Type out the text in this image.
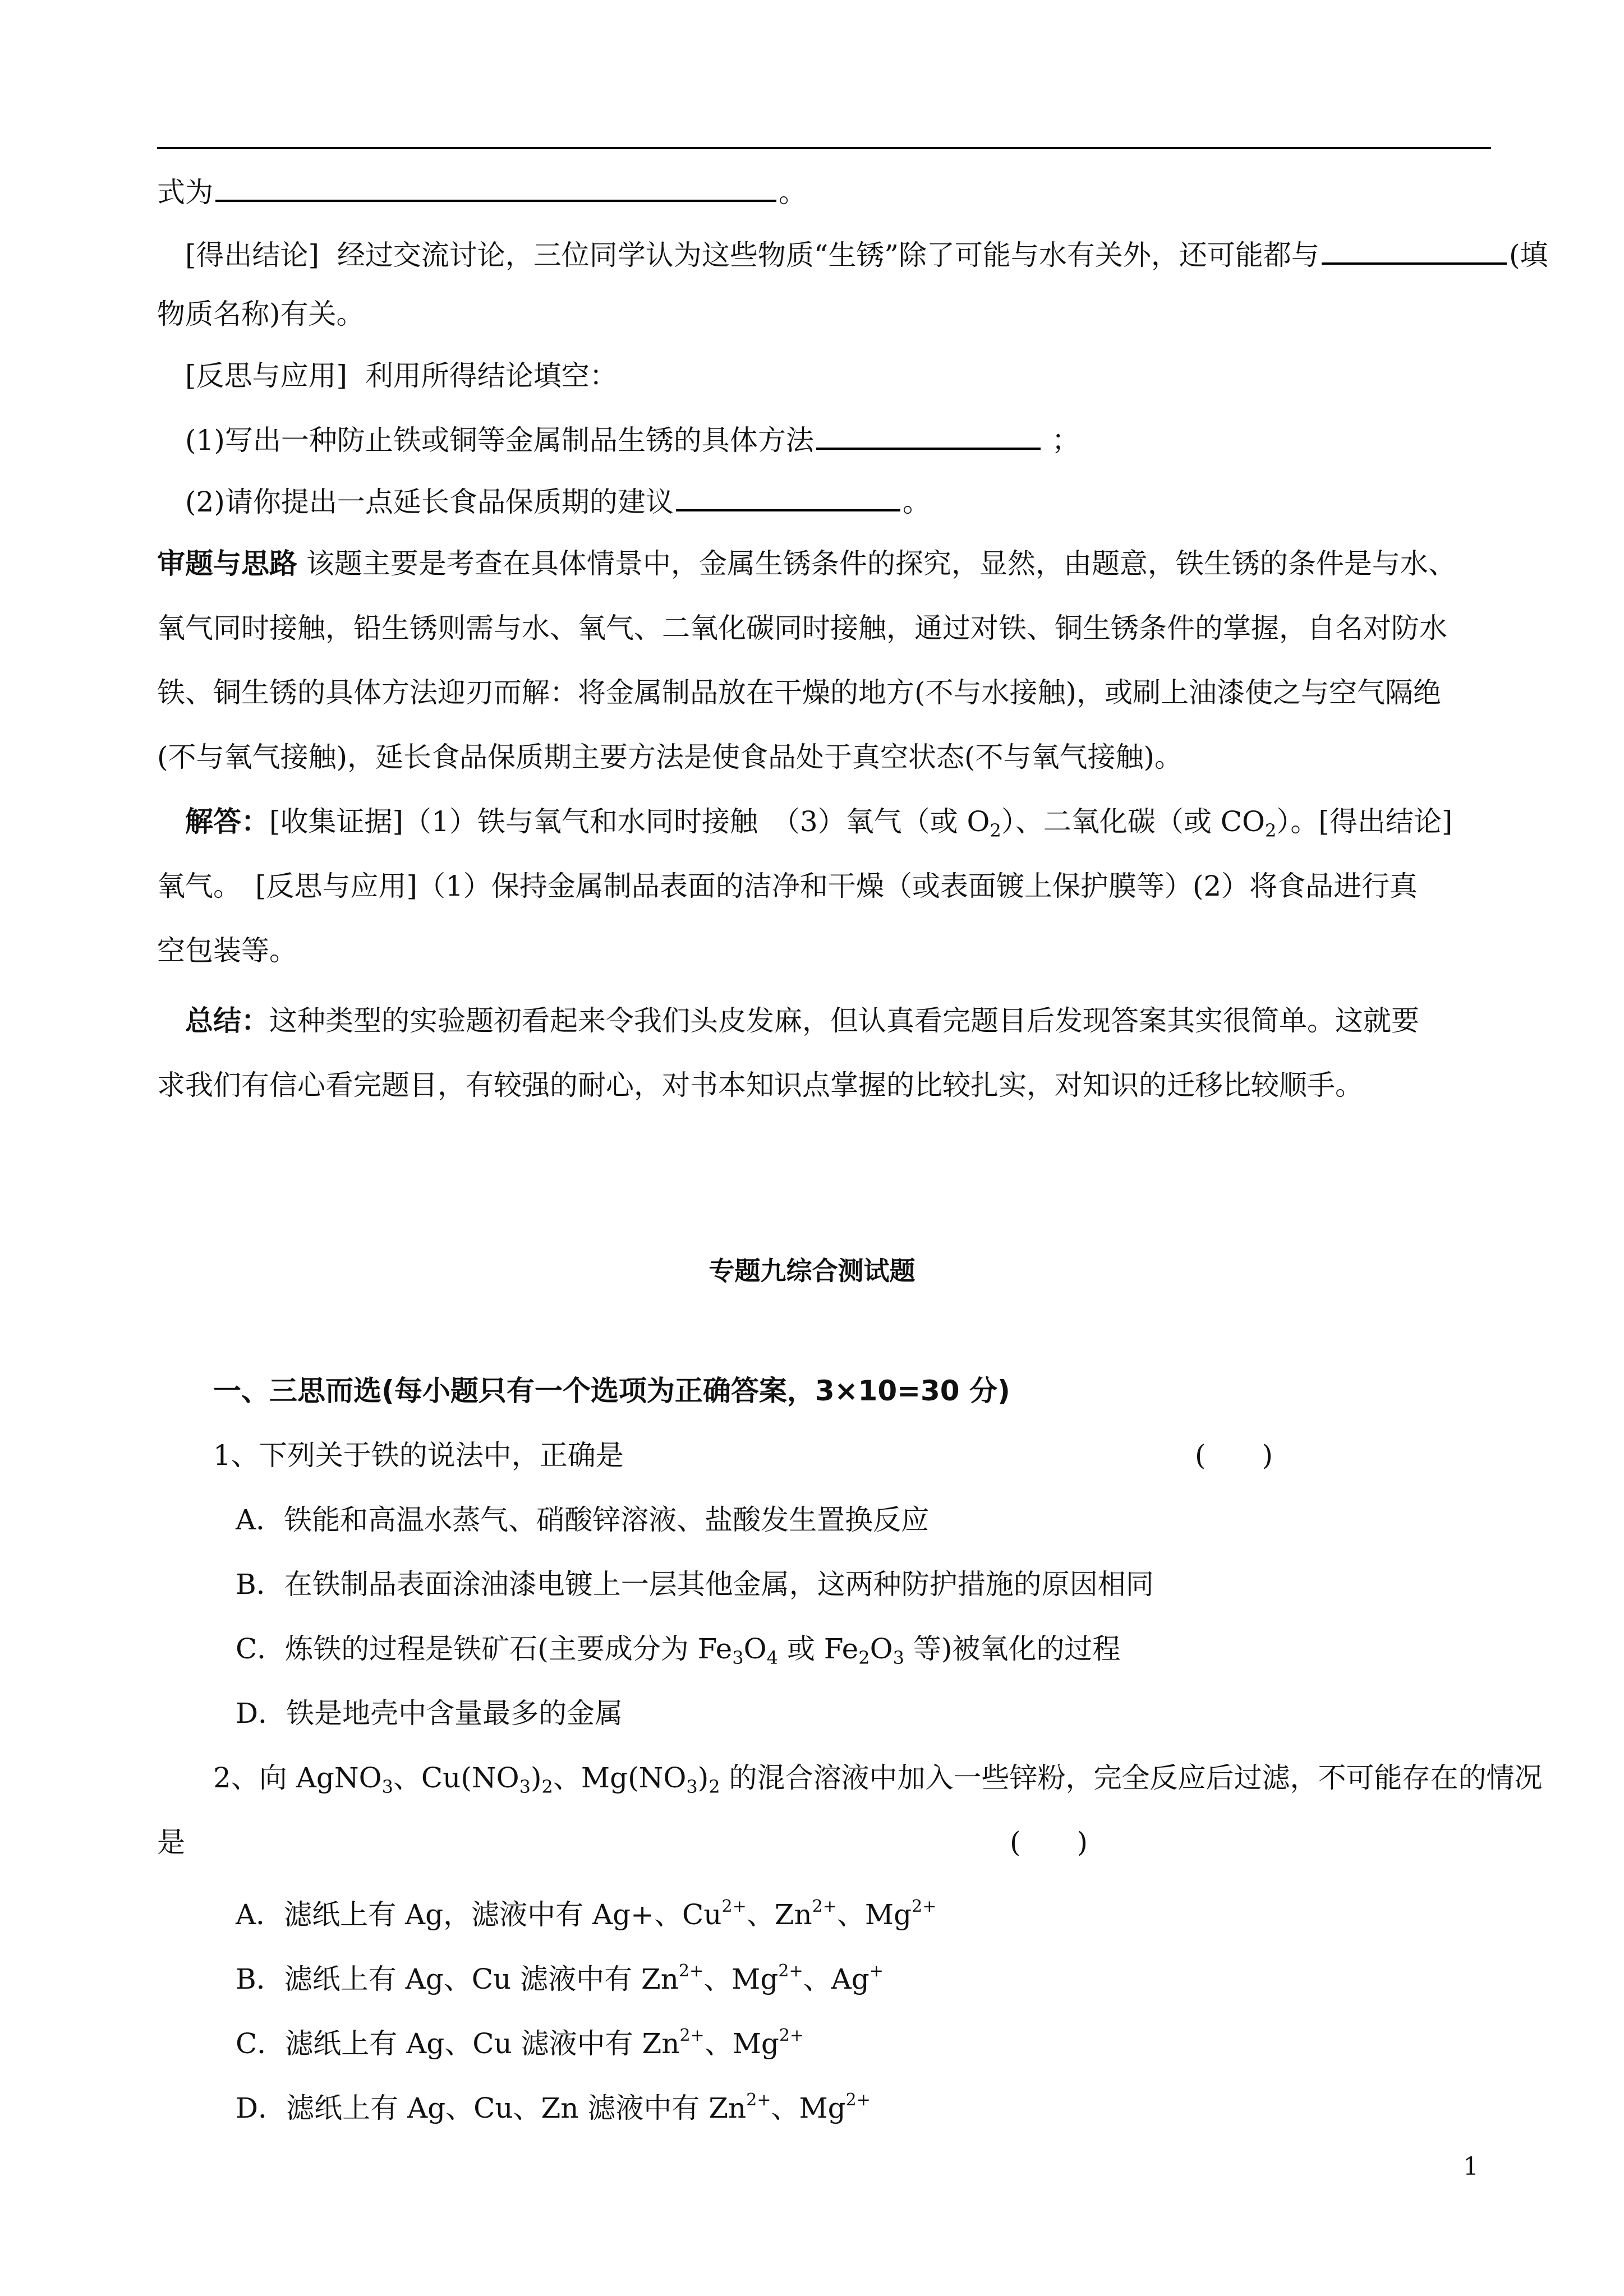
式为	。
[得出结论] 经过交流讨论，三位同学认为这些物质“生锈”除了可能与水有关外，还可能都与	(填
物质名称)有关。
[反思与应用] 利用所得结论填空：
(1)写出一种防止铁或铜等金属制品生锈的具体方法	；
(2)请你提出一点延长食品保质期的建议	。
审题与思路 该题主要是考查在具体情景中，金属生锈条件的探究，显然，由题意，铁生锈的条件是与水、
氧气同时接触，铅生锈则需与水、氧气、二氧化碳同时接触，通过对铁、铜生锈条件的掌握，自名对防水
铁、铜生锈的具体方法迎刃而解：将金属制品放在干燥的地方(不与水接触)，或刷上油漆使之与空气隔绝
(不与氧气接触)，延长食品保质期主要方法是使食品处于真空状态(不与氧气接触)。
解答：[收集证据]（1）铁与氧气和水同时接触　（3）氧气（或 $O_2$）、二氧化碳（或 $CO_2$）。[得出结论]
氧气。　[反思与应用]（1）保持金属制品表面的洁净和干燥（或表面镀上保护膜等）(2）将食品进行真
空包装等。
总结：这种类型的实验题初看起来令我们头皮发麻，但认真看完题目后发现答案其实很简单。这就要
求我们有信心看完题目，有较强的耐心，对书本知识点掌握的比较扎实，对知识的迁移比较顺手。
专题九综合测试题
一、三思而选(每小题只有一个选项为正确答案，3×10=30 分)
1、下列关于铁的说法中，正确是	(　　)
A．铁能和高温水蒸气、硝酸锌溶液、盐酸发生置换反应
B．在铁制品表面涂油漆电镀上一层其他金属，这两种防护措施的原因相同
C．炼铁的过程是铁矿石(主要成分为 $Fe_3O_4$ 或 $Fe_2O_3$ 等)被氧化的过程
D．铁是地壳中含量最多的金属
2、向 AgNO$_3$、$Cu(NO_3)_2$、$Mg(NO_3)_2$ 的混合溶液中加入一些锌粉，完全反应后过滤，不可能存在的情况
是	(　　)
A．滤纸上有 Ag，滤液中有 Ag+、$Cu^{2+}$、$Zn^{2+}$、$Mg^{2+}$
B．滤纸上有 Ag、Cu 滤液中有 $Zn^{2+}$、$Mg^{2+}$、Ag+
C．滤纸上有 Ag、Cu 滤液中有 $Zn^{2+}$、$Mg^{2+}$
D．滤纸上有 Ag、Cu、Zn 滤液中有 $Zn^{2+}$、$Mg^{2+}$
1
